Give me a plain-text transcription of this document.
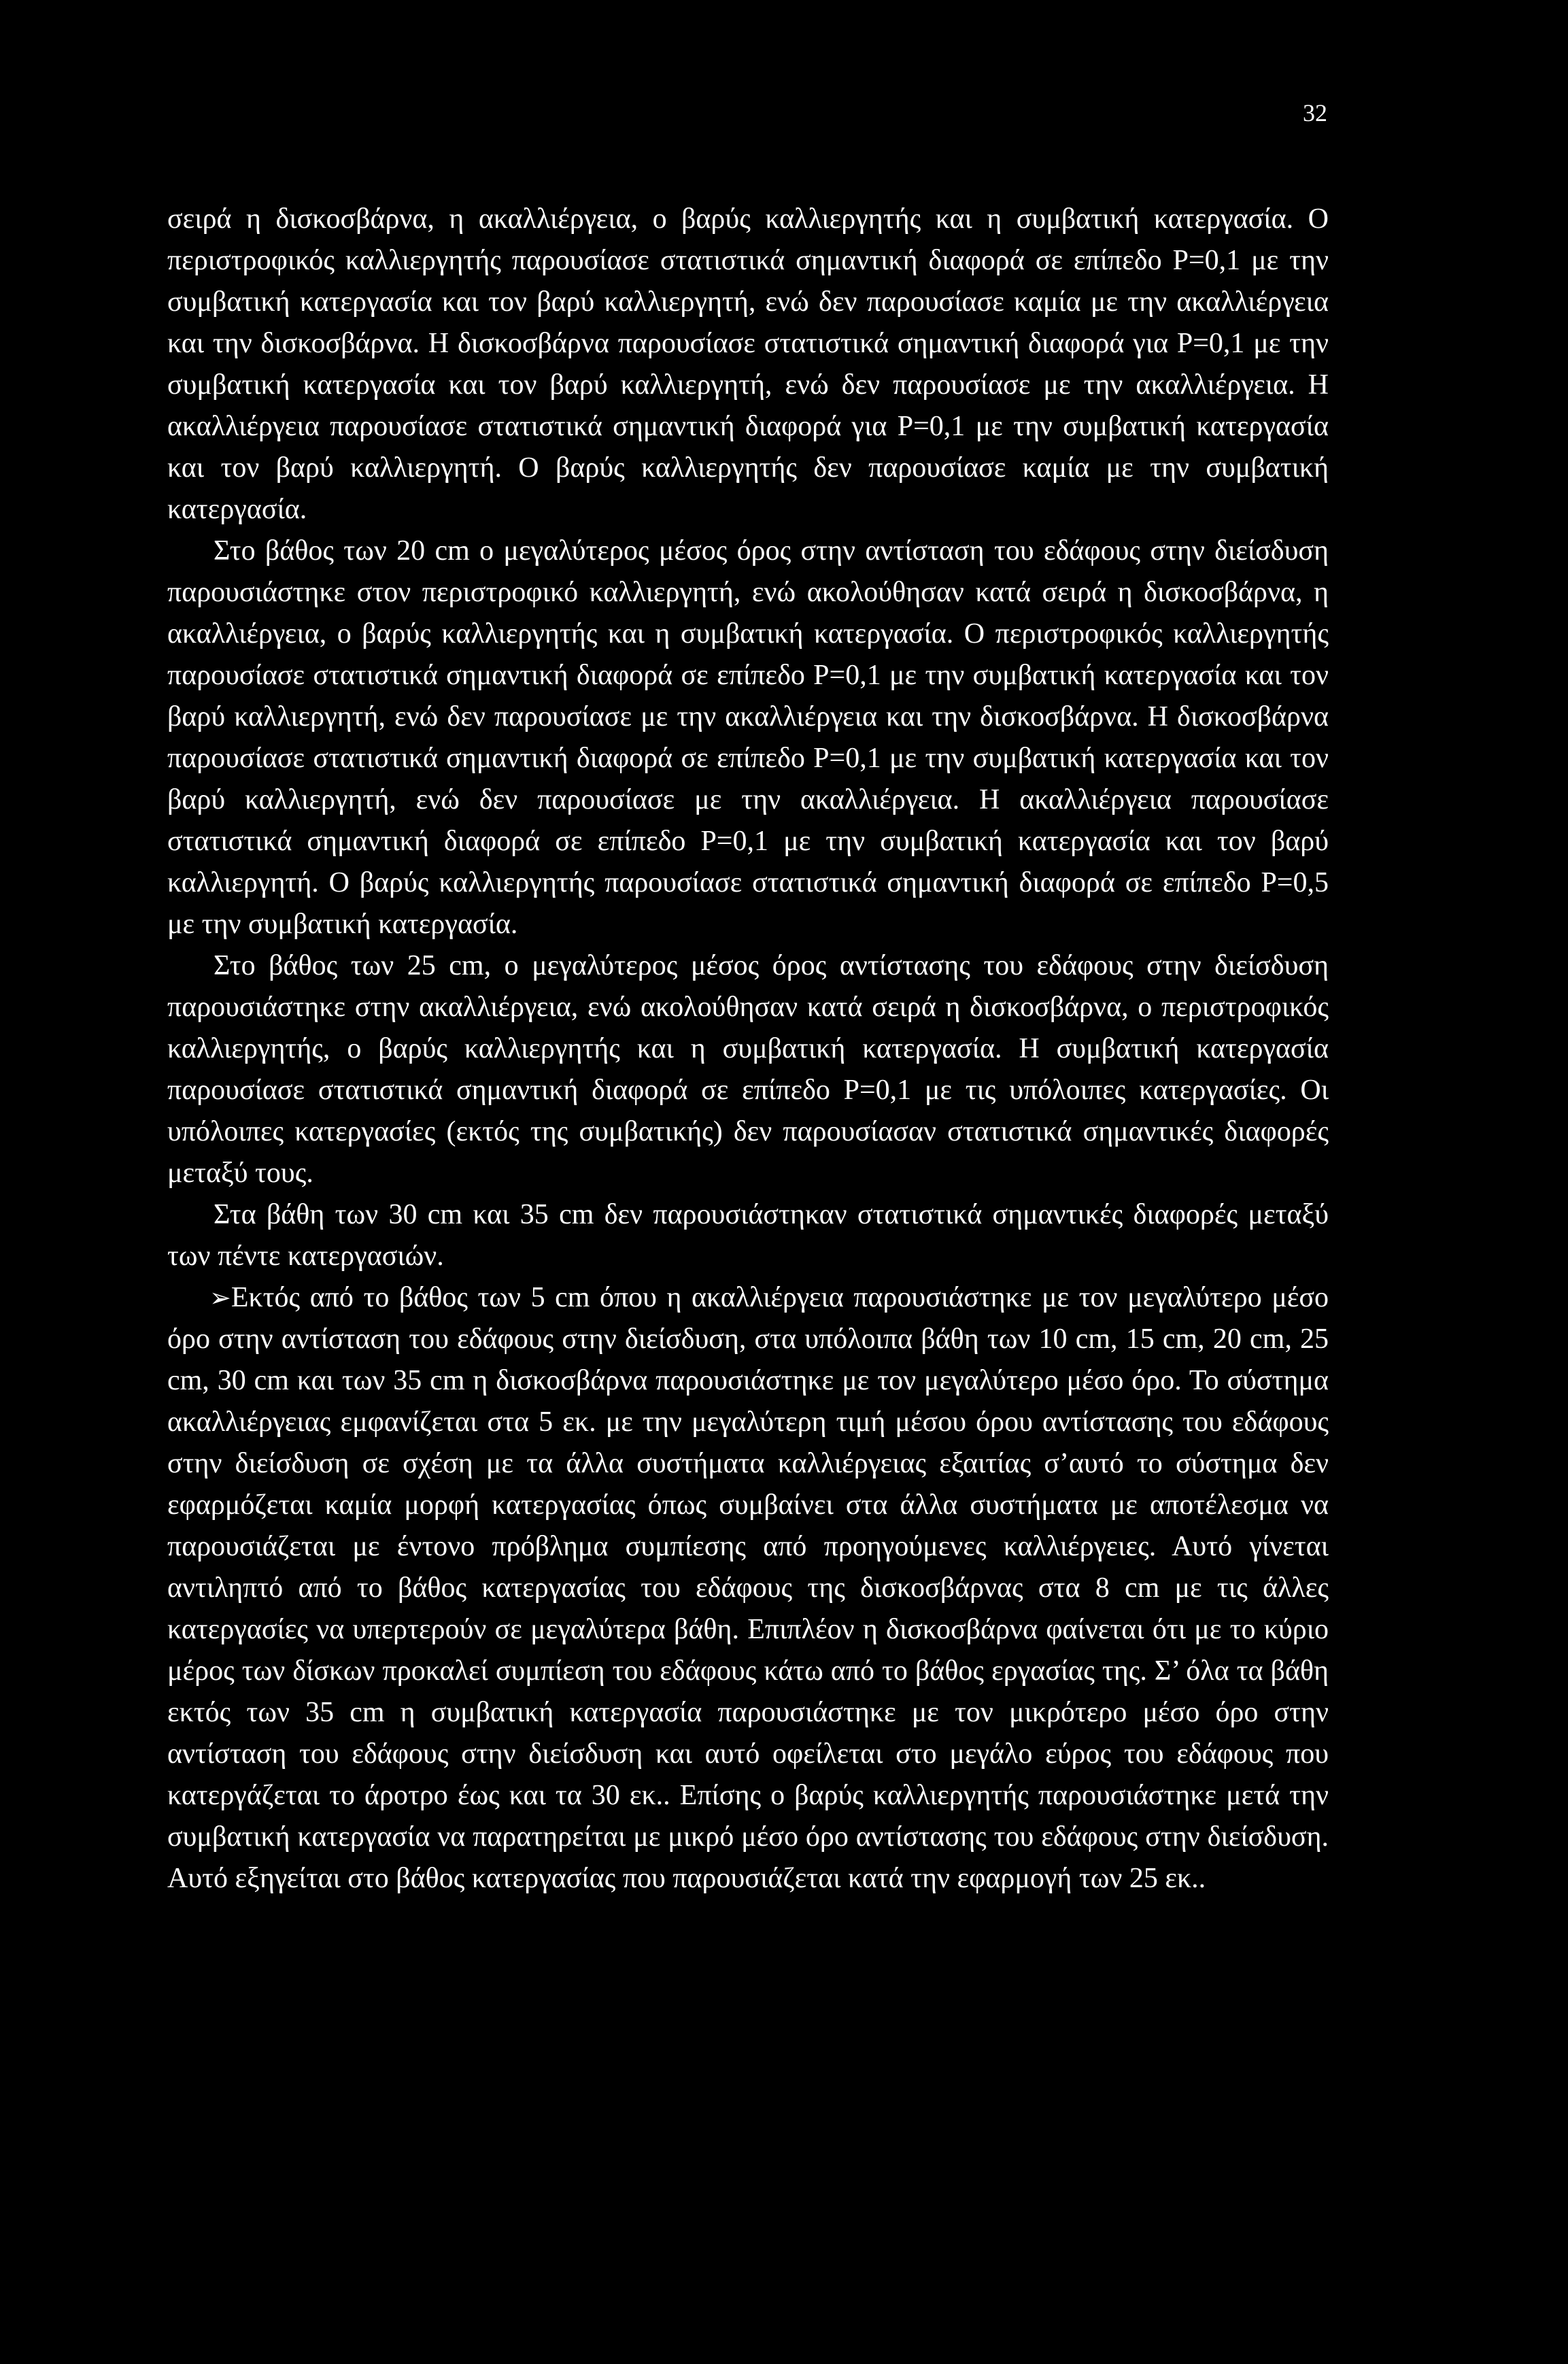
32

σειρά η δισκοσβάρνα, η ακαλλιέργεια, ο βαρύς καλλιεργητής και η συμβατική κατεργασία. Ο περιστροφικός καλλιεργητής παρουσίασε στατιστικά σημαντική διαφορά σε επίπεδο Ρ=0,1 με την συμβατική κατεργασία και τον βαρύ καλλιεργητή, ενώ δεν παρουσίασε καμία με την ακαλλιέργεια και την δισκοσβάρνα. Η δισκοσβάρνα παρουσίασε στατιστικά σημαντική διαφορά για Ρ=0,1 με την συμβατική κατεργασία και τον βαρύ καλλιεργητή, ενώ δεν παρουσίασε με την ακαλλιέργεια. Η ακαλλιέργεια παρουσίασε στατιστικά σημαντική διαφορά για Ρ=0,1 με την συμβατική κατεργασία και τον βαρύ καλλιεργητή. Ο βαρύς καλλιεργητής δεν παρουσίασε καμία με την συμβατική κατεργασία.

Στο βάθος των 20 cm ο μεγαλύτερος μέσος όρος στην αντίσταση του εδάφους στην διείσδυση παρουσιάστηκε στον περιστροφικό καλλιεργητή, ενώ ακολούθησαν κατά σειρά η δισκοσβάρνα, η ακαλλιέργεια, ο βαρύς καλλιεργητής και η συμβατική κατεργασία. Ο περιστροφικός καλλιεργητής παρουσίασε στατιστικά σημαντική διαφορά σε επίπεδο Ρ=0,1 με την συμβατική κατεργασία και τον βαρύ καλλιεργητή, ενώ δεν παρουσίασε με την ακαλλιέργεια και την δισκοσβάρνα. Η δισκοσβάρνα παρουσίασε στατιστικά σημαντική διαφορά σε επίπεδο Ρ=0,1 με την συμβατική κατεργασία και τον βαρύ καλλιεργητή, ενώ δεν παρουσίασε με την ακαλλιέργεια. Η ακαλλιέργεια παρουσίασε στατιστικά σημαντική διαφορά σε επίπεδο Ρ=0,1 με την συμβατική κατεργασία και τον βαρύ καλλιεργητή. Ο βαρύς καλλιεργητής παρουσίασε στατιστικά σημαντική διαφορά σε επίπεδο Ρ=0,5 με την συμβατική κατεργασία.

Στο βάθος των 25 cm, ο μεγαλύτερος μέσος όρος αντίστασης του εδάφους στην διείσδυση παρουσιάστηκε στην ακαλλιέργεια, ενώ ακολούθησαν κατά σειρά η δισκοσβάρνα, ο περιστροφικός καλλιεργητής, ο βαρύς καλλιεργητής και η συμβατική κατεργασία. Η συμβατική κατεργασία παρουσίασε στατιστικά σημαντική διαφορά σε επίπεδο Ρ=0,1 με τις υπόλοιπες κατεργασίες. Οι υπόλοιπες κατεργασίες (εκτός της συμβατικής) δεν παρουσίασαν στατιστικά σημαντικές διαφορές μεταξύ τους.

Στα βάθη των 30 cm και 35 cm δεν παρουσιάστηκαν στατιστικά σημαντικές διαφορές μεταξύ των πέντε κατεργασιών.

➢Εκτός από το βάθος των 5 cm όπου η ακαλλιέργεια παρουσιάστηκε με τον μεγαλύτερο μέσο όρο στην αντίσταση του εδάφους στην διείσδυση, στα υπόλοιπα βάθη των 10 cm, 15 cm, 20 cm, 25 cm, 30 cm και των 35 cm η δισκοσβάρνα παρουσιάστηκε με τον μεγαλύτερο μέσο όρο. Το σύστημα ακαλλιέργειας εμφανίζεται στα 5 εκ. με την μεγαλύτερη τιμή μέσου όρου αντίστασης του εδάφους στην διείσδυση σε σχέση με τα άλλα συστήματα καλλιέργειας εξαιτίας σ’αυτό το σύστημα δεν εφαρμόζεται καμία μορφή κατεργασίας όπως συμβαίνει στα άλλα συστήματα με αποτέλεσμα να παρουσιάζεται με έντονο πρόβλημα συμπίεσης από προηγούμενες καλλιέργειες. Αυτό γίνεται αντιληπτό από το βάθος κατεργασίας του εδάφους της δισκοσβάρνας στα 8 cm με τις άλλες κατεργασίες να υπερτερούν σε μεγαλύτερα βάθη. Επιπλέον η δισκοσβάρνα φαίνεται ότι με το κύριο μέρος των δίσκων προκαλεί συμπίεση του εδάφους κάτω από το βάθος εργασίας της. Σ’ όλα τα βάθη εκτός των 35 cm η συμβατική κατεργασία παρουσιάστηκε με τον μικρότερο μέσο όρο στην αντίσταση του εδάφους στην διείσδυση και αυτό οφείλεται στο μεγάλο εύρος του εδάφους που κατεργάζεται το άροτρο έως και τα 30 εκ.. Επίσης ο βαρύς καλλιεργητής παρουσιάστηκε μετά την συμβατική κατεργασία να παρατηρείται με μικρό μέσο όρο αντίστασης του εδάφους στην διείσδυση. Αυτό εξηγείται στο βάθος κατεργασίας που παρουσιάζεται κατά την εφαρμογή των 25 εκ..
